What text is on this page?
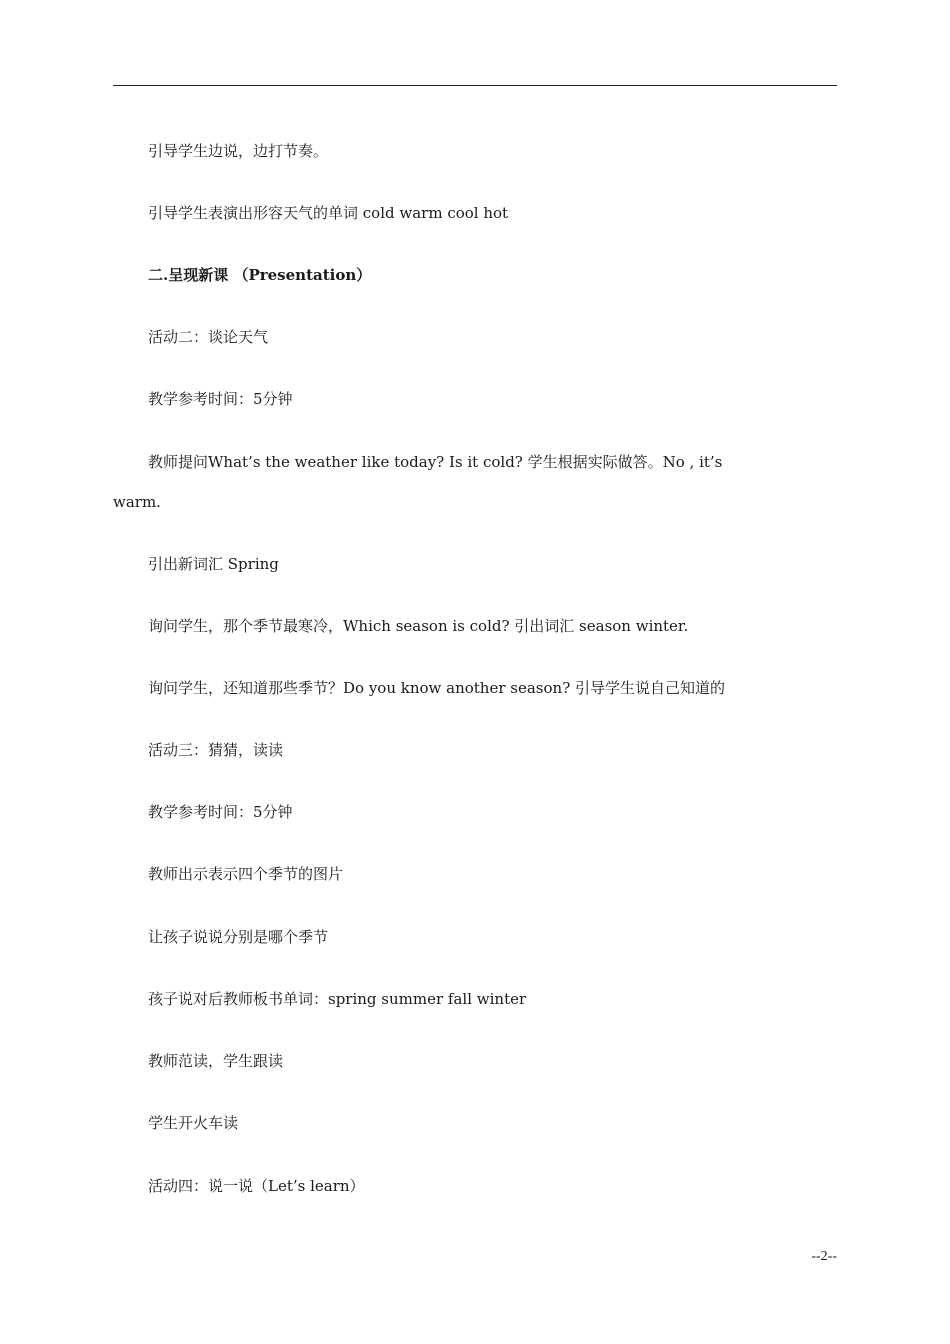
引导学生边说，边打节奏。
引导学生表演出形容天气的单词 cold warm cool hot
二.呈现新课 （Presentation）
活动二：谈论天气
教学参考时间：5分钟
教师提问What’s the weather like today? Is it cold? 学生根据实际做答。No , it’s
warm.
引出新词汇 Spring
询问学生，那个季节最寒冷，Which season is cold? 引出词汇 season winter.
询问学生，还知道那些季节？Do you know another season? 引导学生说自己知道的
活动三：猜猜，读读
教学参考时间：5分钟
教师出示表示四个季节的图片
让孩子说说分别是哪个季节
孩子说对后教师板书单词：spring summer fall winter
教师范读，学生跟读
学生开火车读
活动四：说一说（Let’s learn）
--2--
